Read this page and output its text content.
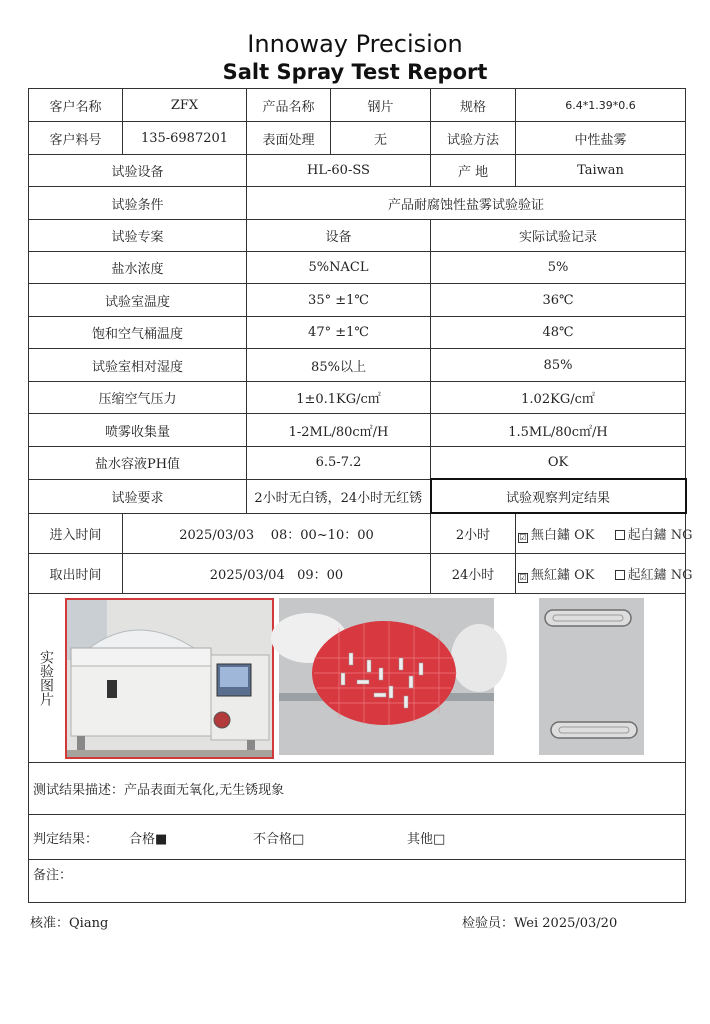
Innoway Precision
Salt Spray Test Report
客户名称	ZFX	产品名称	钢片	规格	6.4*1.39*0.6
客户料号	135-6987201	表面处理	无	试验方法	中性盐雾
试验设备		HL-60-SS		产 地	Taiwan
试验条件		产品耐腐蚀性盐雾试验验证			
试验专案		设备		实际试验记录	
盐水浓度		5%NACL		5%	
试验室温度		35° ±1℃		36℃	
饱和空气桶温度		47° ±1℃		48℃	
试验室相对湿度		85%以上		85%	
压缩空气压力		1±0.1KG/c㎡		1.02KG/c㎡	
喷雾收集量		1-2ML/80c㎡/H		1.5ML/80c㎡/H	
盐水容液PH值		6.5-7.2		OK	
试验要求		2小时无白锈，24小时无红锈		试验观察判定结果	
进入时间	2025/03/03    08：00~10：00			2小时	☑ 無白鏽 OK 起白鏽 NG
取出时间	2025/03/04   09：00			24小时	☑ 無紅鏽 OK 起紅鏽 NG

实验图片					

测试结果描述：产品表面无氧化,无生锈现象					
判定结果： 合格■ 不合格□ 其他□					
备注：					
核准：Qiang	检验员：Wei 2025/03/20
